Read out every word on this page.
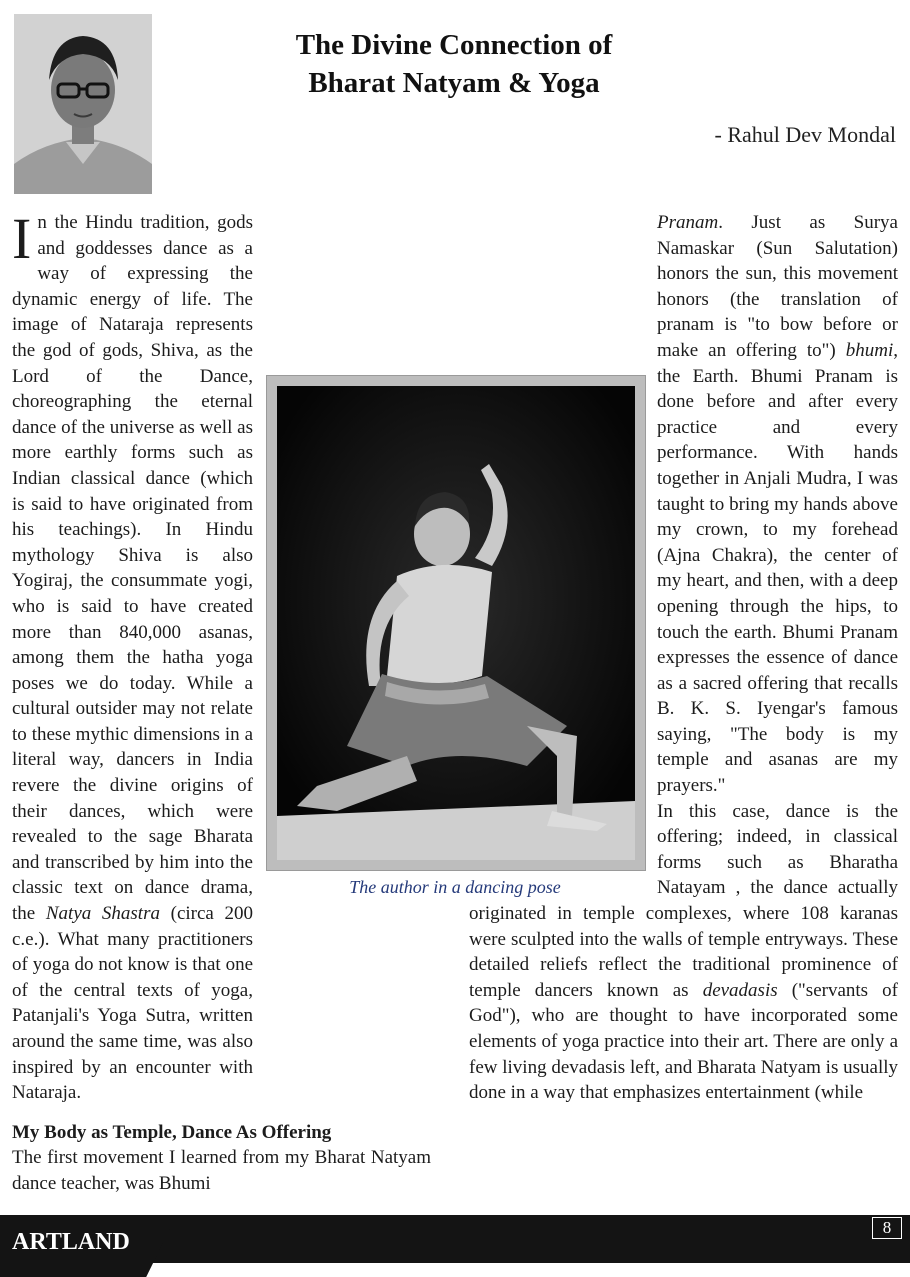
The Divine Connection of
Bharat Natyam & Yoga
- Rahul Dev Mondal

In the Hindu tradition, gods and goddesses dance as a way of expressing the dynamic energy of life. The image of Nataraja represents the god of gods, Shiva, as the Lord of the Dance, choreographing the eternal dance of the universe as well as more earthly forms such as Indian classical dance (which is said to have originated from his teachings). In Hindu mythology Shiva is also Yogiraj, the consummate yogi, who is said to have created more than 840,000 asanas, among them the hatha yoga poses we do today. While a cultural outsider may not relate to these mythic dimensions in a literal way, dancers in India revere the divine origins of their dances, which were revealed to the sage Bharata and transcribed by him into the classic text on dance drama, the Natya Shastra (circa 200 c.e.). What many practitioners of yoga do not know is that one of the central texts of yoga, Patanjali's Yoga Sutra, written around the same time, was also inspired by an encounter with Nataraja.

My Body as Temple, Dance As Offering

The first movement I learned from my Bharat Natyam dance teacher, was Bhumi

Pranam. Just as Surya Namaskar (Sun Salutation) honors the sun, this movement honors (the translation of pranam is "to bow before or make an offering to") bhumi, the Earth. Bhumi Pranam is done before and after every practice and every performance. With hands together in Anjali Mudra, I was taught to bring my hands above my crown, to my forehead (Ajna Chakra), the center of my heart, and then, with a deep opening through the hips, to touch the earth. Bhumi Pranam expresses the essence of dance as a sacred offering that recalls B. K. S. Iyengar's famous saying, "The body is my temple and asanas are my prayers."

In this case, dance is the offering; indeed, in classical forms such as Bharatha Natayam , the dance actually originated in temple complexes, where 108 karanas were sculpted into the walls of temple entryways. These detailed reliefs reflect the traditional prominence of temple dancers known as devadasis ("servants of God"), who are thought to have incorporated some elements of yoga practice into their art. There are only a few living devadasis left, and Bharata Natyam is usually done in a way that emphasizes entertainment (while

The author in a dancing pose
ARTLAND
8
